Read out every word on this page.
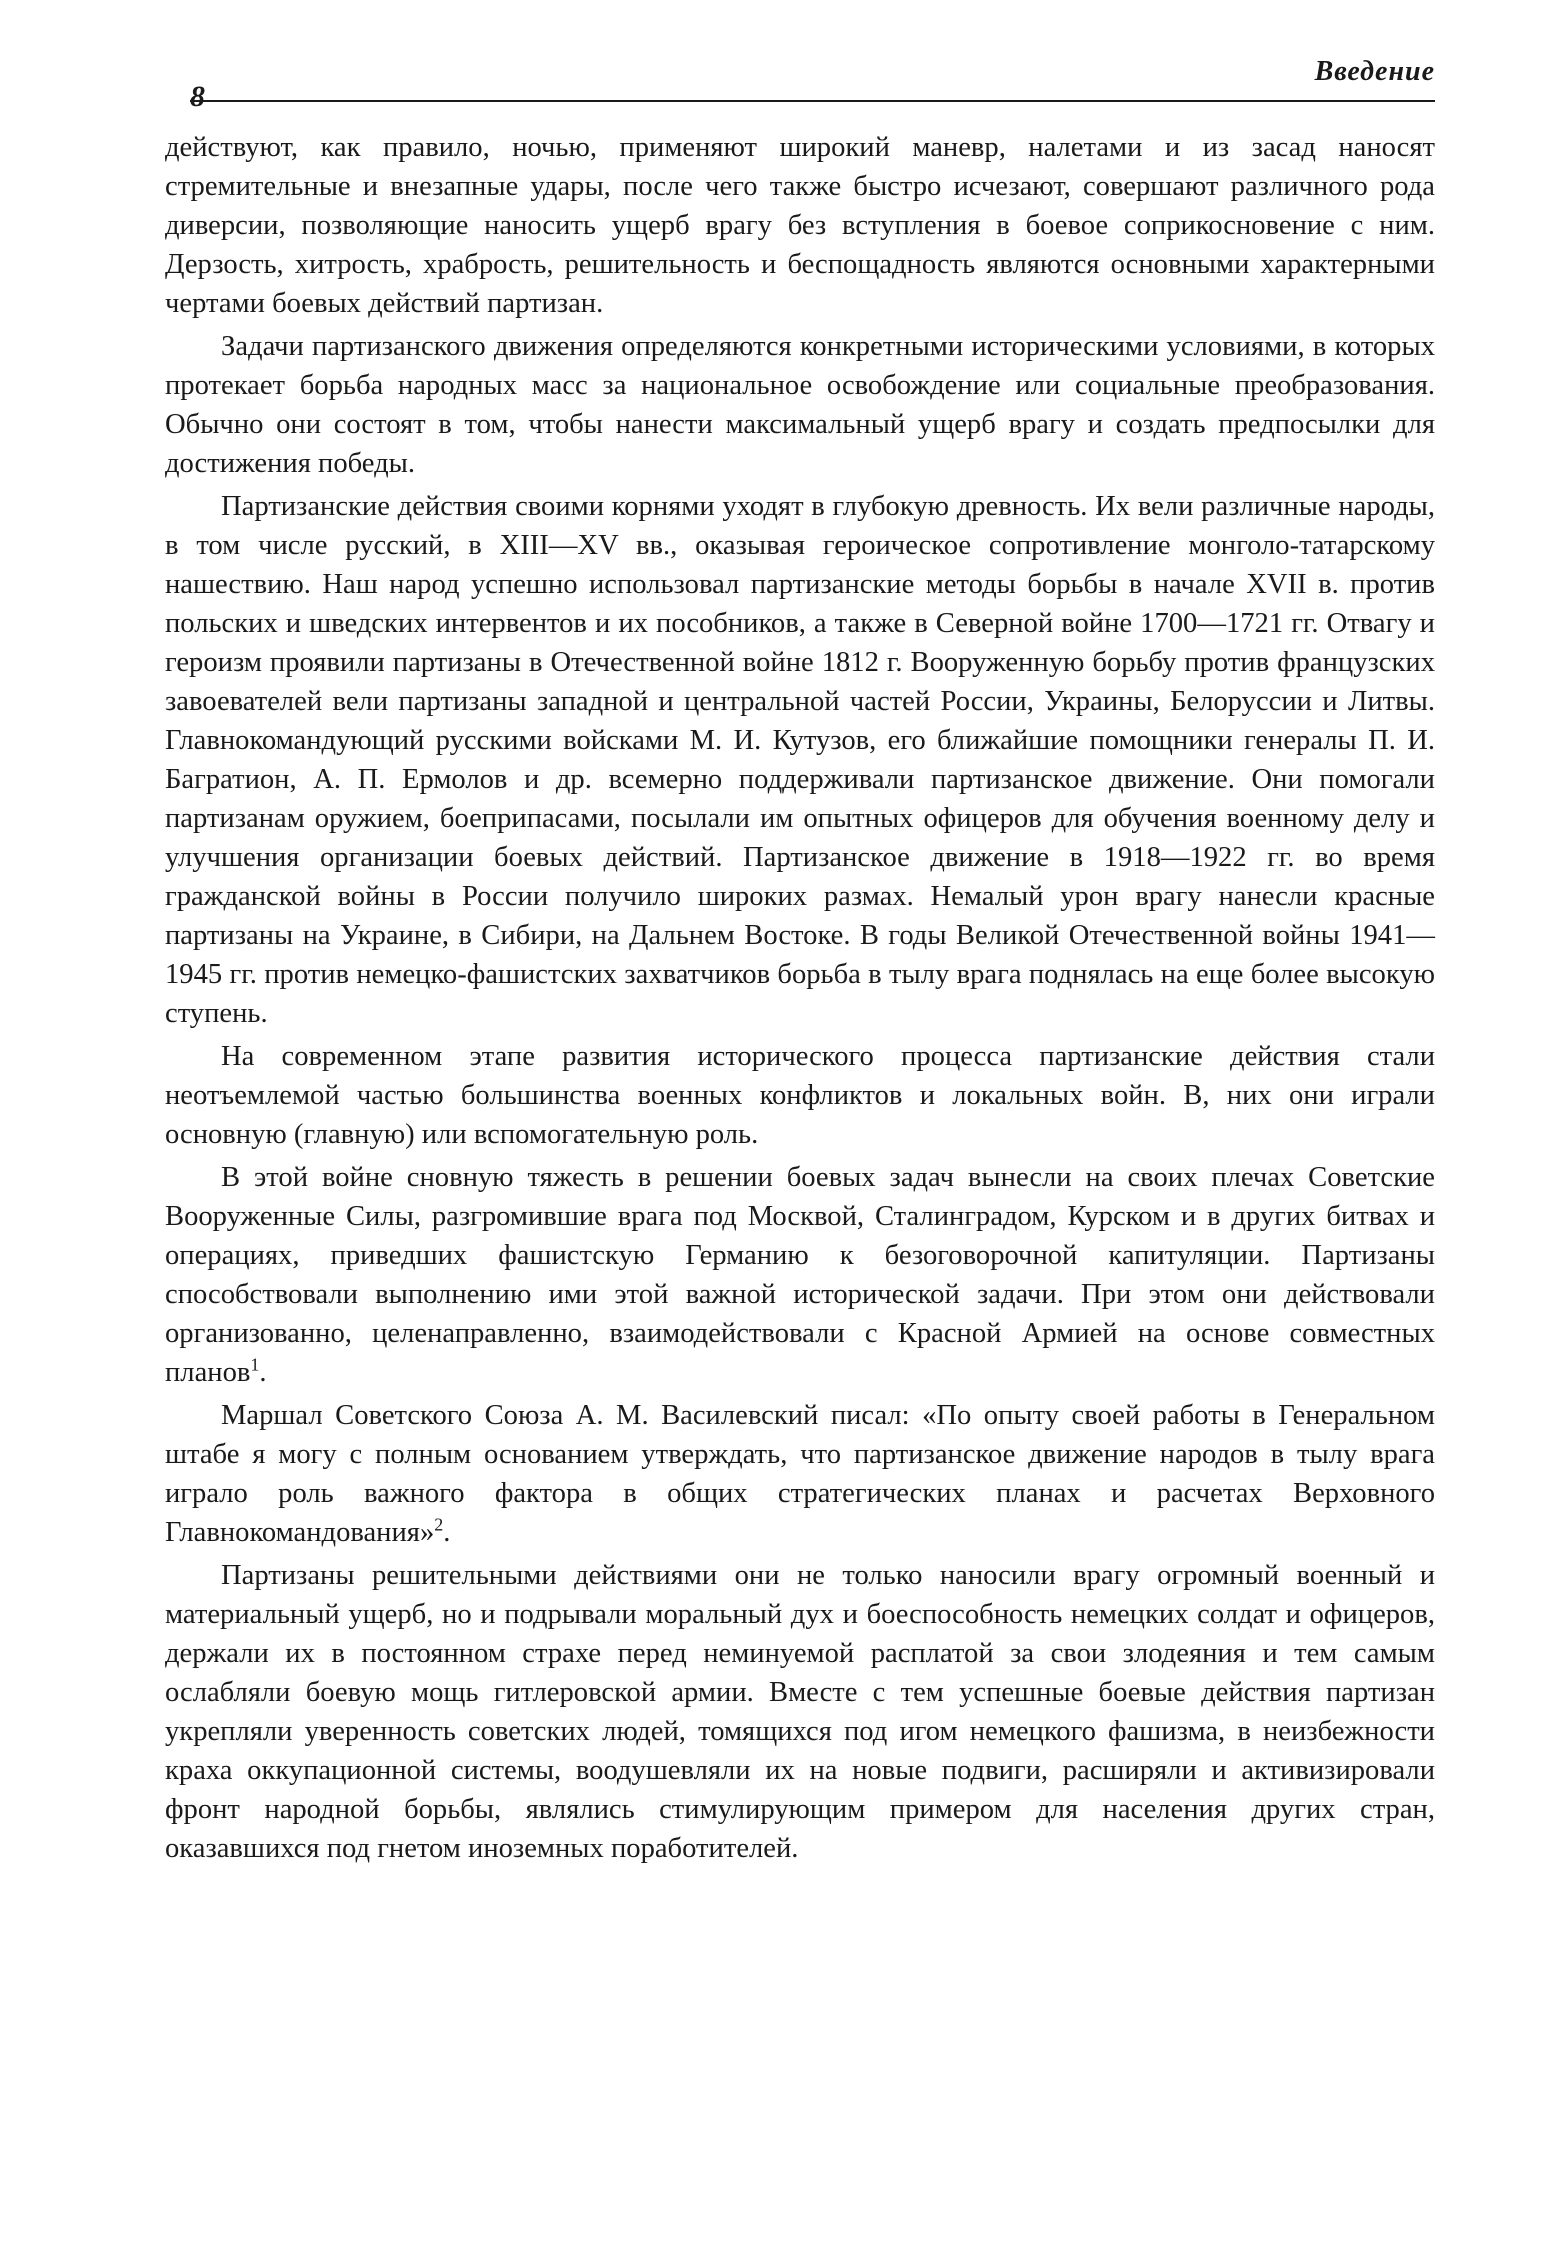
8
Введение

действуют, как правило, ночью, применяют широкий маневр, налетами и из засад наносят стремительные и внезапные удары, после чего также быстро исчезают, совершают различного рода диверсии, позволяющие наносить ущерб врагу без вступления в боевое соприкосновение с ним. Дерзость, хитрость, храбрость, решительность и беспощадность являются основными характерными чертами боевых действий партизан.

Задачи партизанского движения определяются конкретными историческими условиями, в которых протекает борьба народных масс за национальное освобождение или социальные преобразования. Обычно они состоят в том, чтобы нанести максимальный ущерб врагу и создать предпосылки для достижения победы.

Партизанские действия своими корнями уходят в глубокую древность. Их вели различные народы, в том числе русский, в XIII—XV вв., оказывая героическое сопротивление монголо-татарскому нашествию. Наш народ успешно использовал партизанские методы борьбы в начале XVII в. против польских и шведских интервентов и их пособников, а также в Северной войне 1700—1721 гг. Отвагу и героизм проявили партизаны в Отечественной войне 1812 г. Вооруженную борьбу против французских завоевателей вели партизаны западной и центральной частей России, Украины, Белоруссии и Литвы. Главнокомандующий русскими войсками М. И. Кутузов, его ближайшие помощники генералы П. И. Багратион, А. П. Ермолов и др. всемерно поддерживали партизанское движение. Они помогали партизанам оружием, боеприпасами, посылали им опытных офицеров для обучения военному делу и улучшения организации боевых действий. Партизанское движение в 1918—1922 гг. во время гражданской войны в России получило широких размах. Немалый урон врагу нанесли красные партизаны на Украине, в Сибири, на Дальнем Востоке. В годы Великой Отечественной войны 1941—1945 гг. против немецко-фашистских захватчиков борьба в тылу врага поднялась на еще более высокую ступень.

На современном этапе развития исторического процесса партизанские действия стали неотъемлемой частью большинства военных конфликтов и локальных войн. В, них они играли основную (главную) или вспомогательную роль.

В этой войне сновную тяжесть в решении боевых задач вынесли на своих плечах Советские Вооруженные Силы, разгромившие врага под Москвой, Сталинградом, Курском и в других битвах и операциях, приведших фашистскую Германию к безоговорочной капитуляции. Партизаны способствовали выполнению ими этой важной исторической задачи. При этом они действовали организованно, целенаправленно, взаимодействовали с Красной Армией на основе совместных планов$^1$.

Маршал Советского Союза А. М. Василевский писал: «По опыту своей работы в Генеральном штабе я могу с полным основанием утверждать, что партизанское движение народов в тылу врага играло роль важного фактора в общих стратегических планах и расчетах Верховного Главнокомандования»$^2$.

Партизаны решительными действиями они не только наносили врагу огромный военный и материальный ущерб, но и подрывали моральный дух и боеспособность немецких солдат и офицеров, держали их в постоянном страхе перед неминуемой расплатой за свои злодеяния и тем самым ослабляли боевую мощь гитлеровской армии. Вместе с тем успешные боевые действия партизан укрепляли уверенность советских людей, томящихся под игом немецкого фашизма, в неизбежности краха оккупационной системы, воодушевляли их на новые подвиги, расширяли и активизировали фронт народной борьбы, являлись стимулирующим примером для населения других стран, оказавшихся под гнетом иноземных поработителей.
